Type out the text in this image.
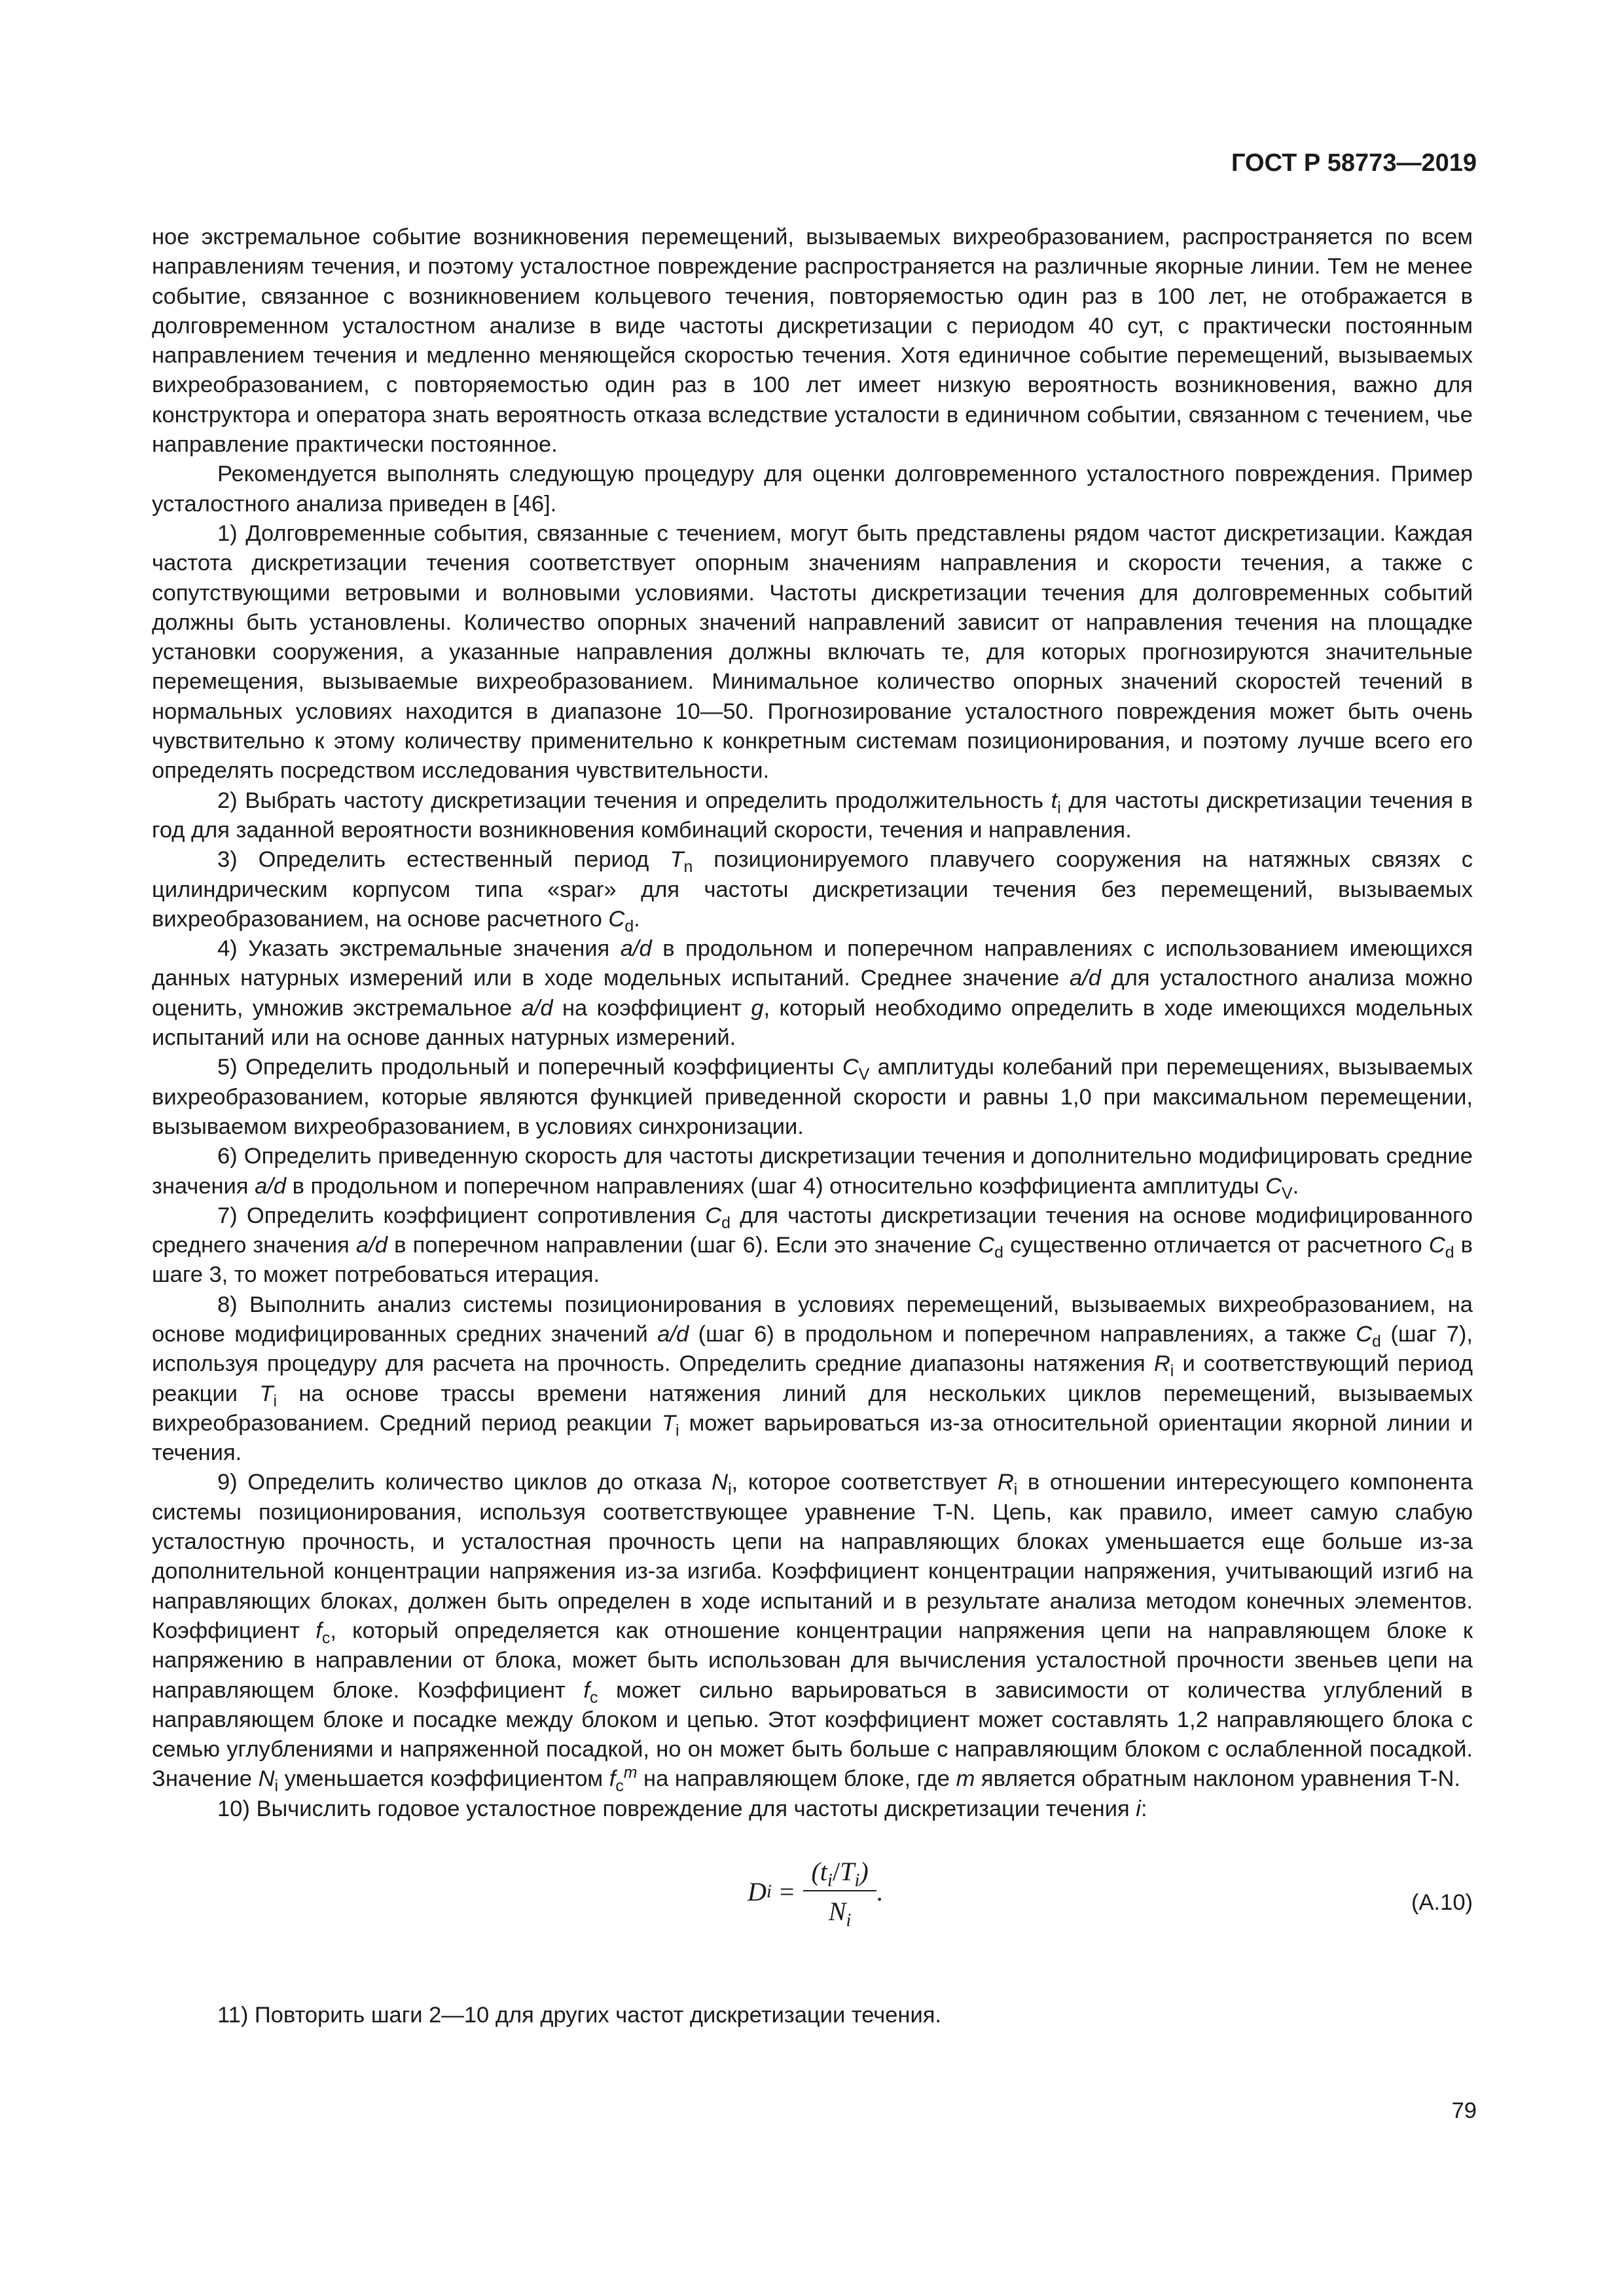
ГОСТ Р 58773—2019

ное экстремальное событие возникновения перемещений, вызываемых вихреобразованием, распространяется по всем направлениям течения, и поэтому усталостное повреждение распространяется на различные якорные линии. Тем не менее событие, связанное с возникновением кольцевого течения, повторяемостью один раз в 100 лет, не отображается в долговременном усталостном анализе в виде частоты дискретизации с периодом 40 сут, с практически постоянным направлением течения и медленно меняющейся скоростью течения. Хотя единичное событие перемещений, вызываемых вихреобразованием, с повторяемостью один раз в 100 лет имеет низкую вероятность возникновения, важно для конструктора и оператора знать вероятность отказа вследствие усталости в единичном событии, связанном с течением, чье направление практически постоянное.

Рекомендуется выполнять следующую процедуру для оценки долговременного усталостного повреждения. Пример усталостного анализа приведен в [46].

1) Долговременные события, связанные с течением, могут быть представлены рядом частот дискретизации. Каждая частота дискретизации течения соответствует опорным значениям направления и скорости течения, а также с сопутствующими ветровыми и волновыми условиями. Частоты дискретизации течения для долговременных событий должны быть установлены. Количество опорных значений направлений зависит от направления течения на площадке установки сооружения, а указанные направления должны включать те, для которых прогнозируются значительные перемещения, вызываемые вихреобразованием. Минимальное количество опорных значений скоростей течений в нормальных условиях находится в диапазоне 10—50. Прогнозирование усталостного повреждения может быть очень чувствительно к этому количеству применительно к конкретным системам позиционирования, и поэтому лучше всего его определять посредством исследования чувствительности.

2) Выбрать частоту дискретизации течения и определить продолжительность $t_i$ для частоты дискретизации течения в год для заданной вероятности возникновения комбинаций скорости, течения и направления.

3) Определить естественный период $T_n$ позиционируемого плавучего сооружения на натяжных связях с цилиндрическим корпусом типа «spar» для частоты дискретизации течения без перемещений, вызываемых вихреобразованием, на основе расчетного $C_d$.

4) Указать экстремальные значения a/d в продольном и поперечном направлениях с использованием имеющихся данных натурных измерений или в ходе модельных испытаний. Среднее значение a/d для усталостного анализа можно оценить, умножив экстремальное a/d на коэффициент g, который необходимо определить в ходе имеющихся модельных испытаний или на основе данных натурных измерений.

5) Определить продольный и поперечный коэффициенты $C_V$ амплитуды колебаний при перемещениях, вызываемых вихреобразованием, которые являются функцией приведенной скорости и равны 1,0 при максимальном перемещении, вызываемом вихреобразованием, в условиях синхронизации.

6) Определить приведенную скорость для частоты дискретизации течения и дополнительно модифицировать средние значения a/d в продольном и поперечном направлениях (шаг 4) относительно коэффициента амплитуды $C_V$.

7) Определить коэффициент сопротивления $C_d$ для частоты дискретизации течения на основе модифицированного среднего значения a/d в поперечном направлении (шаг 6). Если это значение $C_d$ существенно отличается от расчетного $C_d$ в шаге 3, то может потребоваться итерация.

8) Выполнить анализ системы позиционирования в условиях перемещений, вызываемых вихреобразованием, на основе модифицированных средних значений a/d (шаг 6) в продольном и поперечном направлениях, а также $C_d$ (шаг 7), используя процедуру для расчета на прочность. Определить средние диапазоны натяжения $R_i$ и соответствующий период реакции $T_i$ на основе трассы времени натяжения линий для нескольких циклов перемещений, вызываемых вихреобразованием. Средний период реакции $T_i$ может варьироваться из-за относительной ориентации якорной линии и течения.

9) Определить количество циклов до отказа $N_i$, которое соответствует $R_i$ в отношении интересующего компонента системы позиционирования, используя соответствующее уравнение T-N. Цепь, как правило, имеет самую слабую усталостную прочность, и усталостная прочность цепи на направляющих блоках уменьшается еще больше из-за дополнительной концентрации напряжения из-за изгиба. Коэффициент концентрации напряжения, учитывающий изгиб на направляющих блоках, должен быть определен в ходе испытаний и в результате анализа методом конечных элементов. Коэффициент $f_c$, который определяется как отношение концентрации напряжения цепи на направляющем блоке к напряжению в направлении от блока, может быть использован для вычисления усталостной прочности звеньев цепи на направляющем блоке. Коэффициент $f_c$ может сильно варьироваться в зависимости от количества углублений в направляющем блоке и посадке между блоком и цепью. Этот коэффициент может составлять 1,2 направляющего блока с семью углублениями и напряженной посадкой, но он может быть больше с направляющим блоком с ослабленной посадкой. Значение $N_i$ уменьшается коэффициентом $f_c^m$ на направляющем блоке, где m является обратным наклоном уравнения T-N.

10) Вычислить годовое усталостное повреждение для частоты дискретизации течения i:

D $i = \frac{(t_i/T_i)}{N_i}$ .	(A.10)

11) Повторить шаги 2—10 для других частот дискретизации течения.

79
